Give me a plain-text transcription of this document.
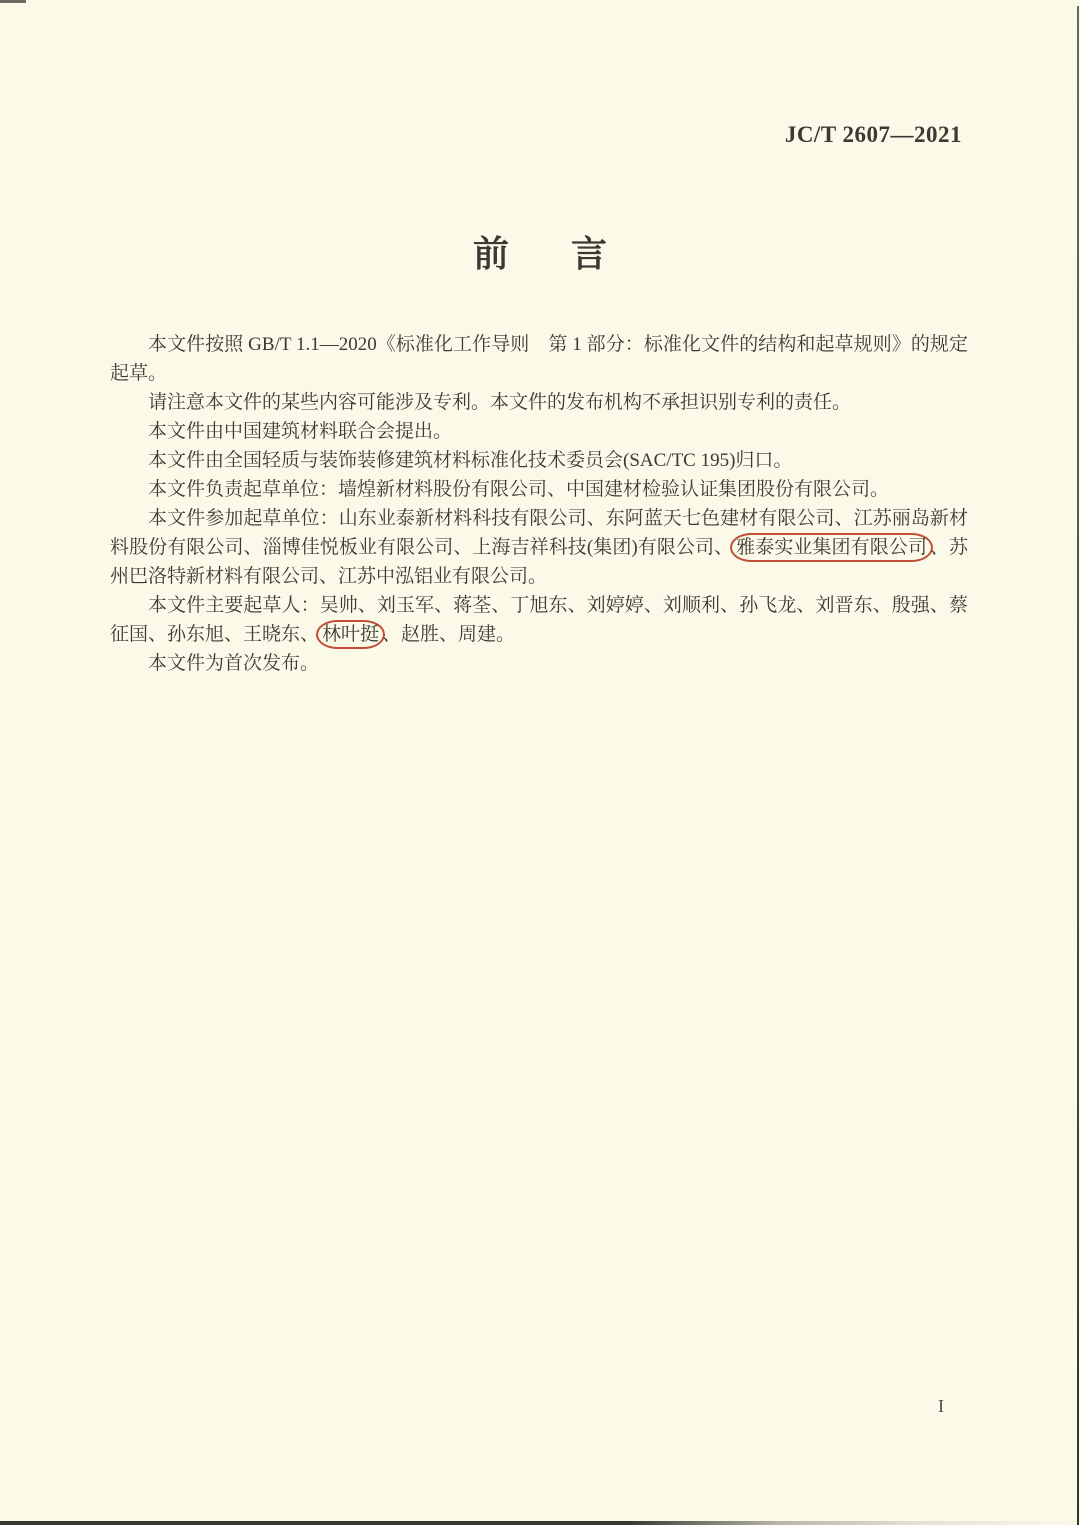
JC/T 2607—2021
前言

本文件按照 GB/T 1.1—2020《标准化工作导则　第 1 部分：标准化文件的结构和起草规则》的规定起草。

请注意本文件的某些内容可能涉及专利。本文件的发布机构不承担识别专利的责任。

本文件由中国建筑材料联合会提出。

本文件由全国轻质与装饰装修建筑材料标准化技术委员会(SAC/TC 195)归口。

本文件负责起草单位：墙煌新材料股份有限公司、中国建材检验认证集团股份有限公司。

本文件参加起草单位：山东业泰新材料科技有限公司、东阿蓝天七色建材有限公司、江苏丽岛新材料股份有限公司、淄博佳悦板业有限公司、上海吉祥科技(集团)有限公司、 雅泰实业集团有限公司 、苏州巴洛特新材料有限公司、江苏中泓铝业有限公司。

本文件主要起草人：吴帅、刘玉军、蒋荃、丁旭东、刘婷婷、刘顺利、孙飞龙、刘晋东、殷强、蔡征国、孙东旭、王晓东、 林叶挺 、赵胜、周建。

本文件为首次发布。

I
